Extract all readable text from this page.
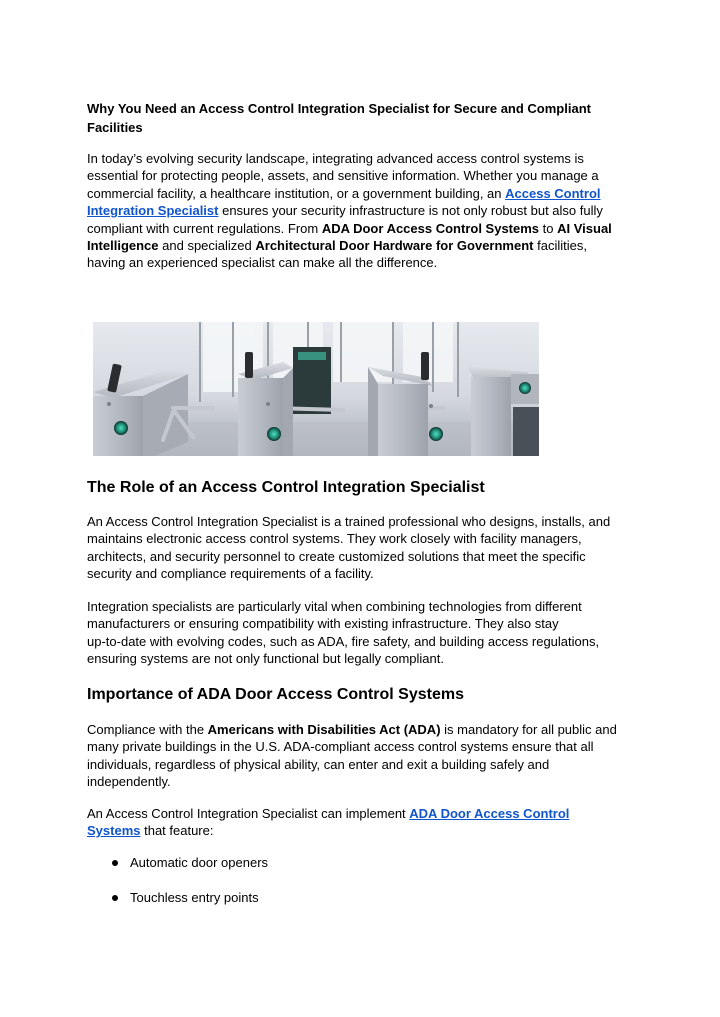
Why You Need an Access Control Integration Specialist for Secure and Compliant
Facilities

In today’s evolving security landscape, integrating advanced access control systems is
essential for protecting people, assets, and sensitive information. Whether you manage a
commercial facility, a healthcare institution, or a government building, an Access Control
Integration Specialist ensures your security infrastructure is not only robust but also fully
compliant with current regulations. From ADA Door Access Control Systems to AI Visual
Intelligence and specialized Architectural Door Hardware for Government facilities,
having an experienced specialist can make all the difference.

The Role of an Access Control Integration Specialist

An Access Control Integration Specialist is a trained professional who designs, installs, and
maintains electronic access control systems. They work closely with facility managers,
architects, and security personnel to create customized solutions that meet the specific
security and compliance requirements of a facility.

Integration specialists are particularly vital when combining technologies from different
manufacturers or ensuring compatibility with existing infrastructure. They also stay
up-to-date with evolving codes, such as ADA, fire safety, and building access regulations,
ensuring systems are not only functional but legally compliant.

Importance of ADA Door Access Control Systems

Compliance with the Americans with Disabilities Act (ADA) is mandatory for all public and
many private buildings in the U.S. ADA-compliant access control systems ensure that all
individuals, regardless of physical ability, can enter and exit a building safely and
independently.

An Access Control Integration Specialist can implement ADA Door Access Control
Systems that feature:

Automatic door openers
Touchless entry points
